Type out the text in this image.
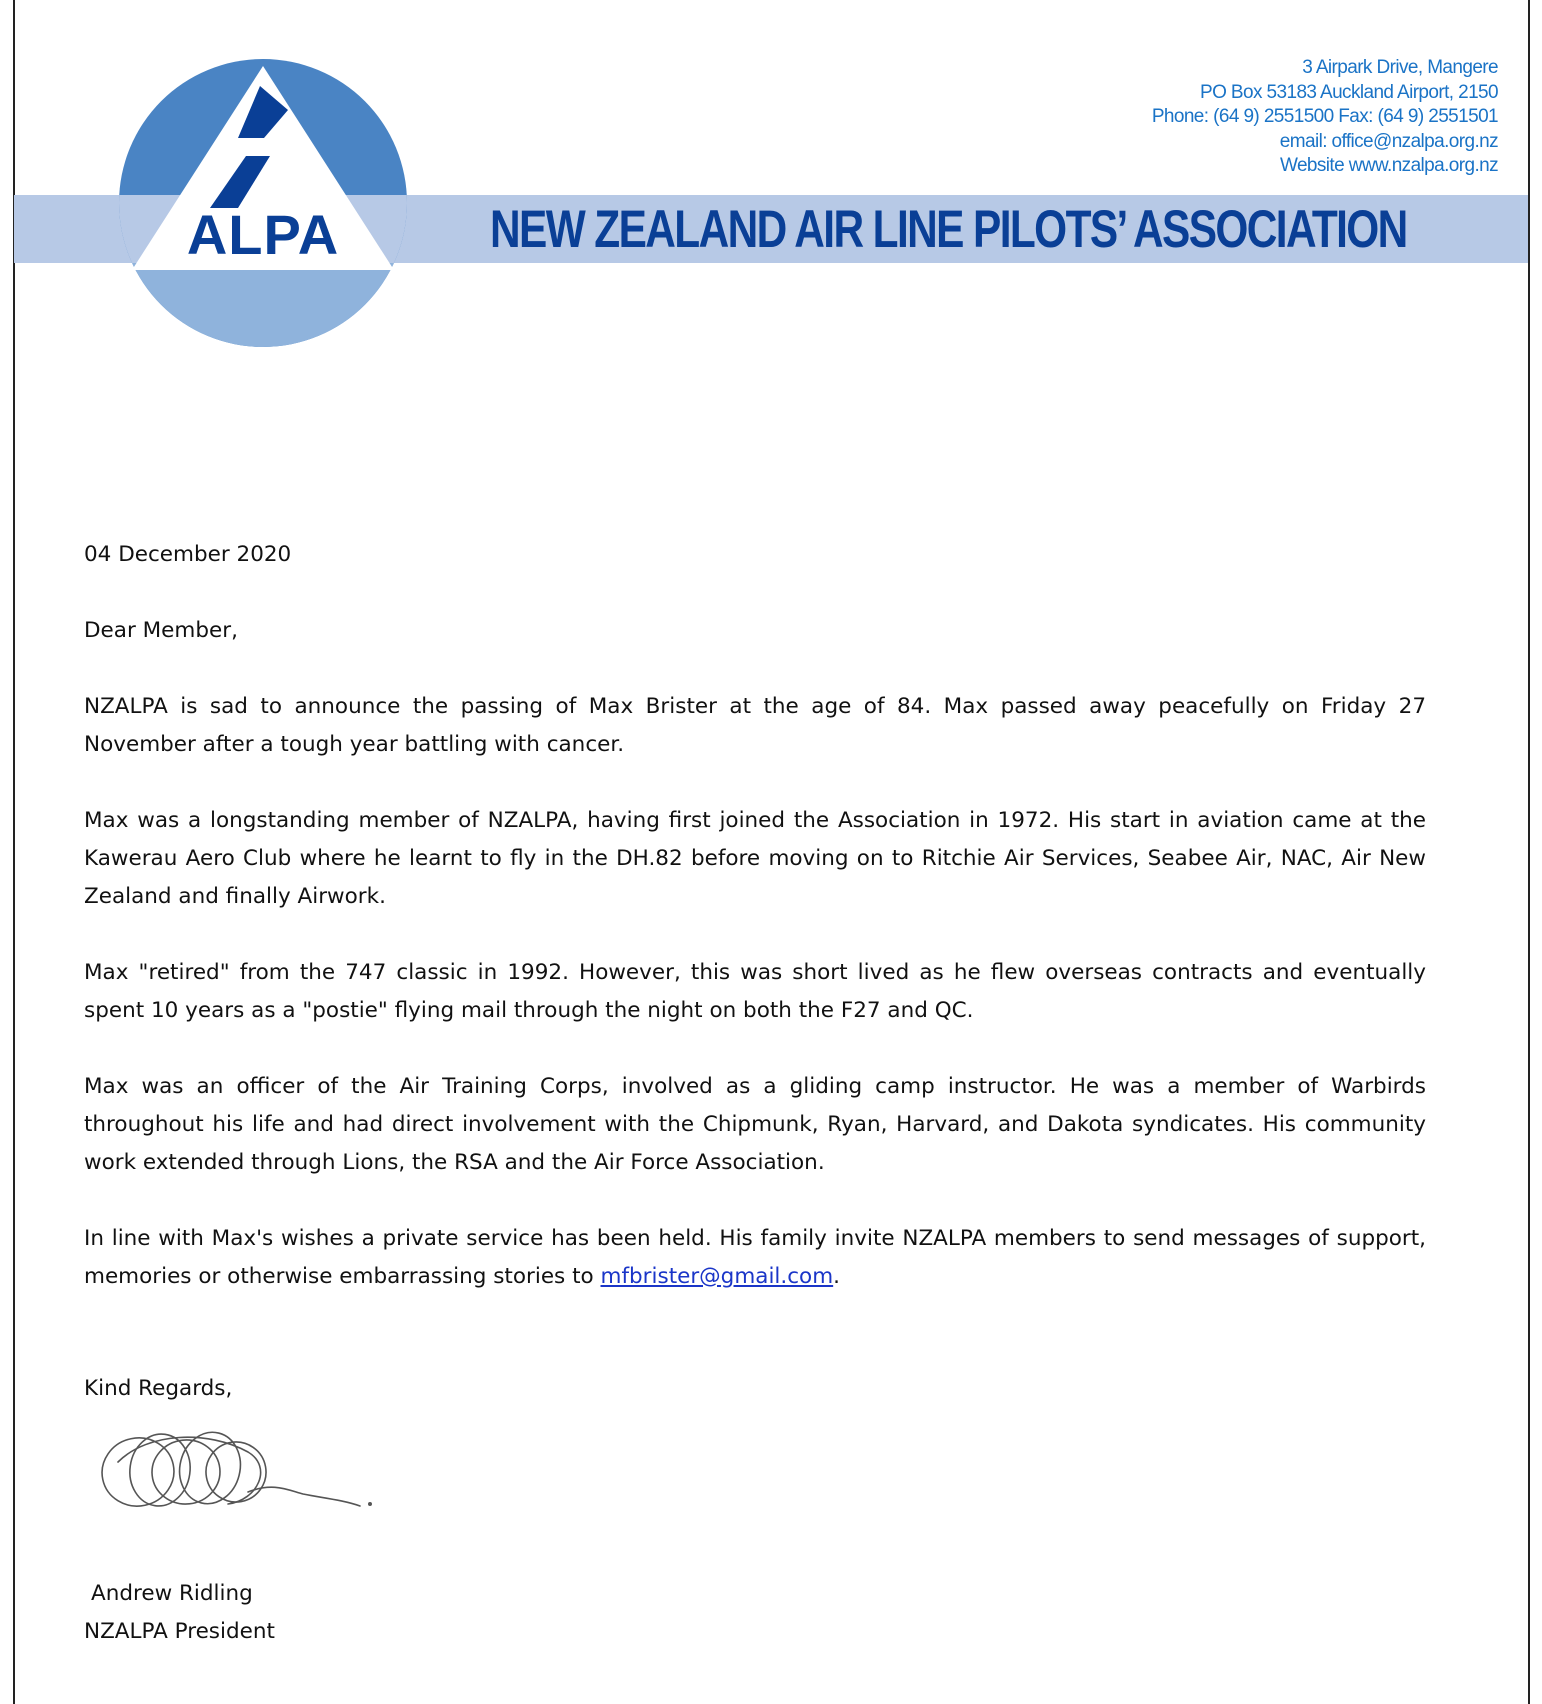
ALPA	NEW ZEALAND AIR LINE PILOTS’ ASSOCIATION
3 Airpark Drive, Mangere
PO Box 53183 Auckland Airport, 2150
Phone: (64 9) 2551500 Fax: (64 9) 2551501
email: office@nzalpa.org.nz
Website www.nzalpa.org.nz

04 December 2020

Dear Member,

NZALPA is sad to announce the passing of Max Brister at the age of 84. Max passed away peacefully on Friday 27 November after a tough year battling with cancer.

Max was a longstanding member of NZALPA, having first joined the Association in 1972. His start in aviation came at the Kawerau Aero Club where he learnt to fly in the DH.82 before moving on to Ritchie Air Services, Seabee Air, NAC, Air New Zealand and finally Airwork.

Max "retired" from the 747 classic in 1992. However, this was short lived as he flew overseas contracts and eventually spent 10 years as a "postie" flying mail through the night on both the F27 and QC.

Max was an officer of the Air Training Corps, involved as a gliding camp instructor. He was a member of Warbirds throughout his life and had direct involvement with the Chipmunk, Ryan, Harvard, and Dakota syndicates. His community work extended through Lions, the RSA and the Air Force Association.

In line with Max's wishes a private service has been held. His family invite NZALPA members to send messages of support, memories or otherwise embarrassing stories to mfbrister@gmail.com.

Kind Regards,
Andrew Ridling
NZALPA President
